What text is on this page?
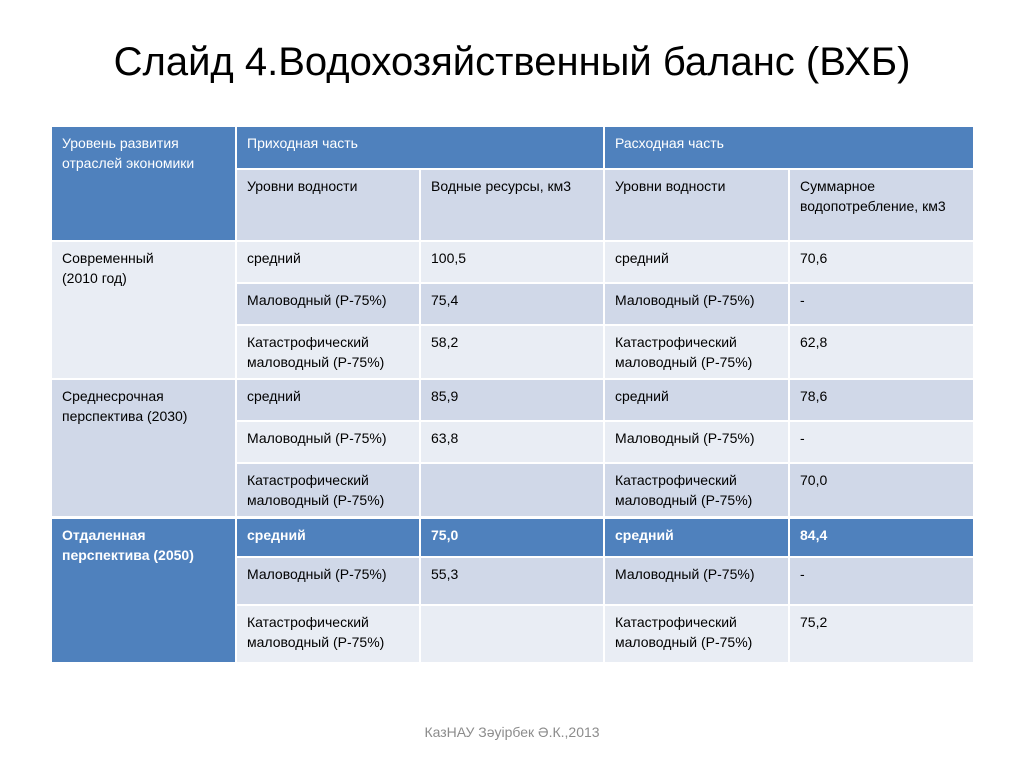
Слайд 4.Водохозяйственный баланс (ВХБ)
Уровень развития отраслей экономики	Приходная часть		Расходная часть	
	Уровни водности	Водные ресурсы, км3	Уровни водности	Суммарное водопотребление, км3
Современный
(2010 год)	средний	100,5	средний	70,6
	Маловодный (Р-75%)	75,4	Маловодный (Р-75%)	-
	Катастрофический маловодный (Р-75%)	58,2	Катастрофический маловодный (Р-75%)	62,8
Среднесрочная перспектива (2030)	средний	85,9	средний	78,6
	Маловодный (Р-75%)	63,8	Маловодный (Р-75%)	-
	Катастрофический маловодный (Р-75%)		Катастрофический маловодный (Р-75%)	70,0
Отдаленная перспектива (2050)	средний	75,0	средний	84,4
	Маловодный (Р-75%)	55,3	Маловодный (Р-75%)	-
	Катастрофический маловодный (Р-75%)		Катастрофический маловодный (Р-75%)	75,2
КазНАУ Зәуірбек Ә.К.,2013
